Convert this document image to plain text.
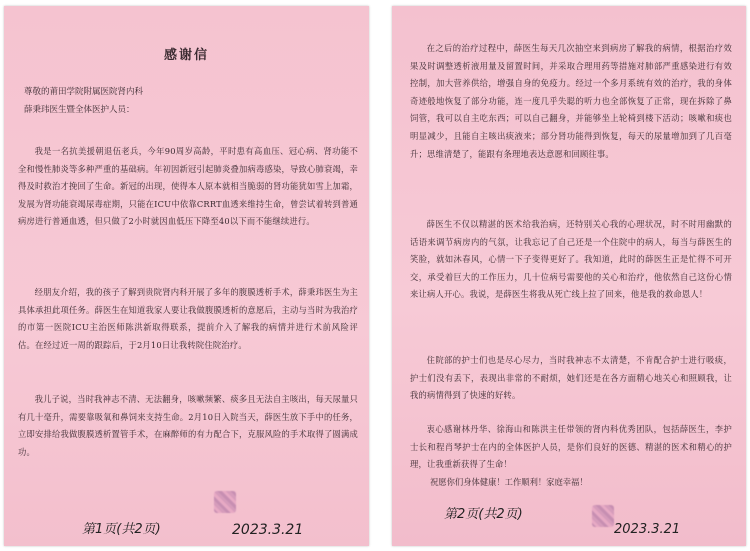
感谢信
尊敬的莆田学院附属医院肾内科
薛秉玮医生暨全体医护人员：
我是一名抗美援朝退伍老兵，今年90周岁高龄，平时患有高血压、冠心病、肾功能不全和慢性肺炎等多种严重的基础病。年初因新冠引起肺炎叠加病毒感染，导致心肺衰竭，幸得及时救治才挽回了生命。新冠的出现，使得本人原本就相当脆弱的肾功能犹如雪上加霜，发展为肾功能衰竭尿毒症期，只能在ICU中依靠CRRT血透来维持生命，曾尝试着转到普通病房进行普通血透，但只做了2小时就因血低压下降至40以下而不能继续进行。
经朋友介绍，我的孩子了解到贵院肾内科开展了多年的腹膜透析手术，薛秉玮医生为主具体承担此项任务。薛医生在知道我家人要让我做腹膜透析的意愿后，主动与当时为我治疗的市第一医院ICU主治医师陈洪新取得联系，提前介入了解我的病情并进行术前风险评估。在经过近一周的跟踪后，于2月10日让我转院住院治疗。
我儿子说，当时我神志不清、无法翻身，咳嗽频繁、痰多且无法自主咳出，每天尿量只有几十毫升，需要靠吸氧和鼻饲来支持生命。2月10日入院当天，薛医生放下手中的任务，立即安排给我做腹膜透析置管手术，在麻醉师的有力配合下，克服风险的手术取得了圆满成功。
第1页(共2页)	2023.3.21
在之后的治疗过程中，薛医生每天几次抽空来到病房了解我的病情，根据治疗效果及时调整透析液用量及留置时间，并采取合理用药等措施对肺部严重感染进行有效控制，加大营养供给，增强自身的免疫力。经过一个多月系统有效的治疗，我的身体奇迹般地恢复了部分功能，连一度几乎失聪的听力也全部恢复了正常，现在拆除了鼻饲管，我可以自主吃东西；可以自己翻身，并能够坐上轮椅到楼下活动；咳嗽和痰也明显减少，且能自主咳出痰液来；部分肾功能得到恢复，每天的尿量增加到了几百毫升；思维清楚了，能跟有条理地表达意愿和回顾往事。
薛医生不仅以精湛的医术给我治病，还特别关心我的心理状况，时不时用幽默的话语来调节病房内的气氛，让我忘记了自己还是一个住院中的病人，每当与薛医生的笑脸，就如沐春风，心情一下子变得更好了。我知道，此时的薛医生正是忙得不可开交，承受着巨大的工作压力，几十位病号需要他的关心和治疗，他依然自己这份心情来让病人开心。我说，是薛医生将我从死亡线上拉了回来，他是我的救命恩人！
住院部的护士们也是尽心尽力，当时我神志不太清楚，不肯配合护士进行吸痰，护士们没有丢下，表现出非常的不耐烦，她们还是在各方面精心地关心和照顾我，让我的病情得到了快速的好转。
衷心感谢林丹华、徐海山和陈洪主任带领的肾内科优秀团队，包括薛医生，李护士长和程肖琴护士在内的全体医护人员，是你们良好的医德、精湛的医术和精心的护理，让我重新获得了生命！
祝愿你们身体健康！工作顺利！家庭幸福！
第2页(共2页)
2023.3.21
